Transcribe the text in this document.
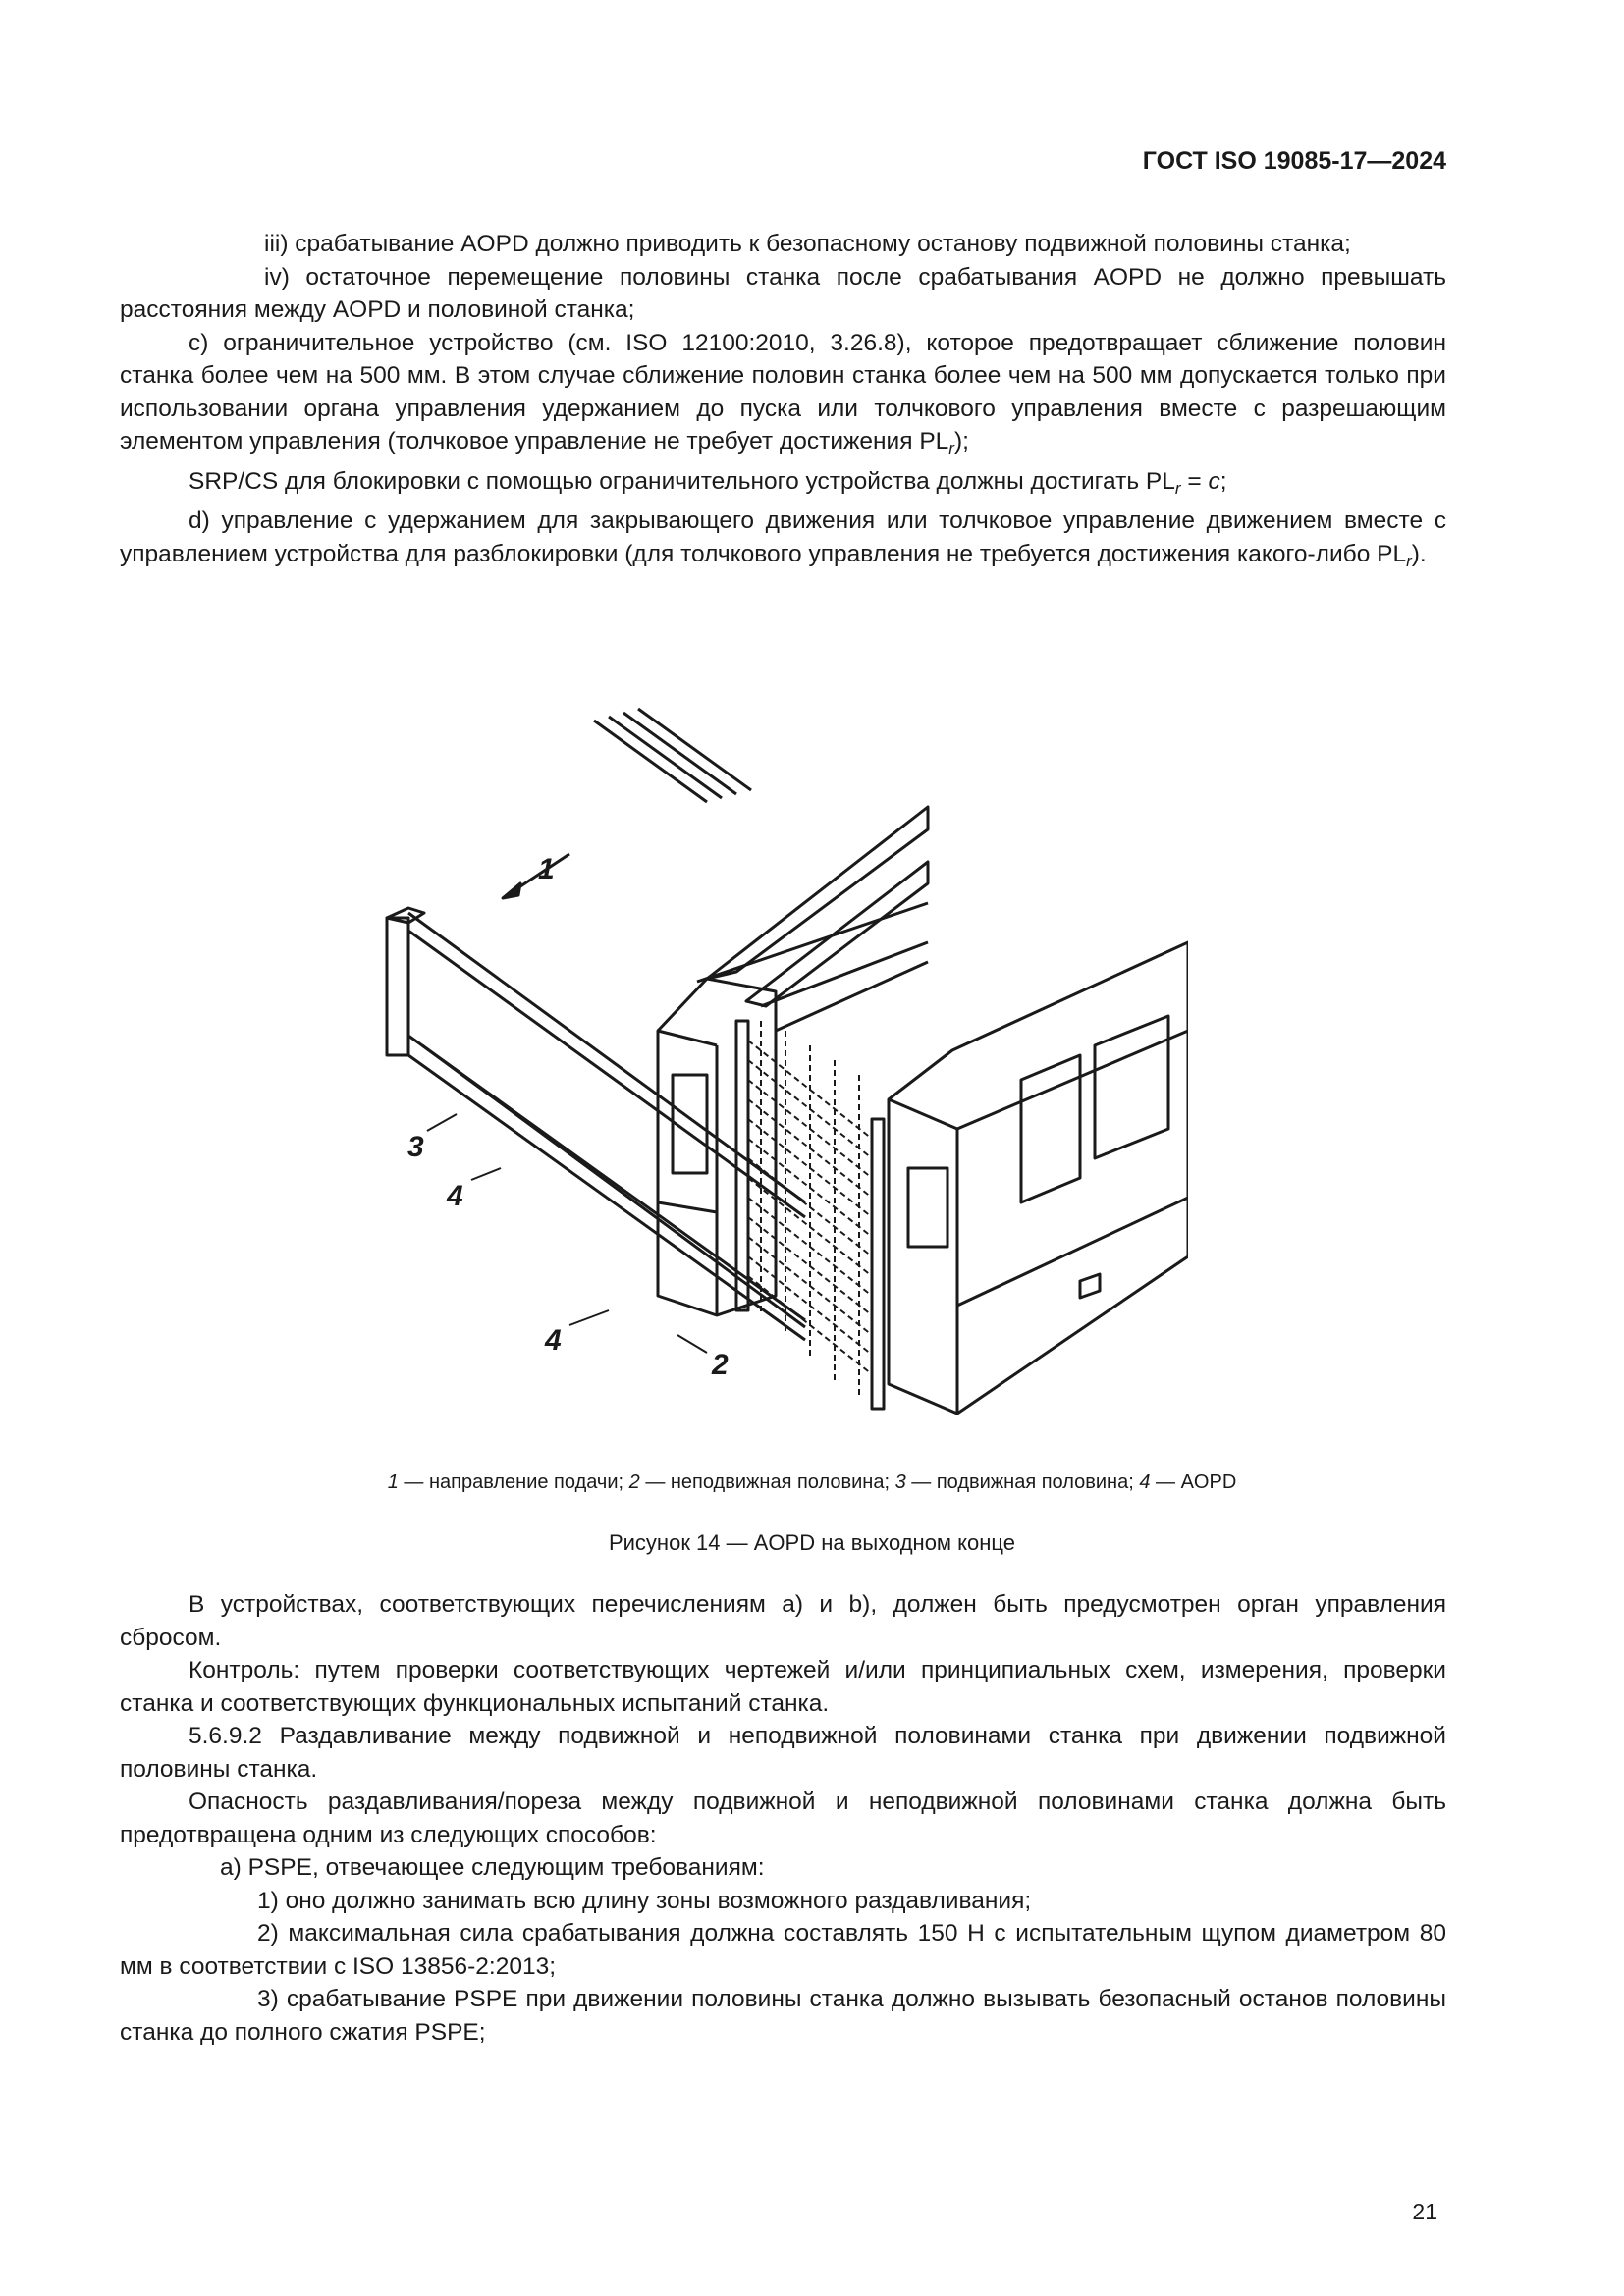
ГОСТ ISO 19085-17—2024

iii) срабатывание AOPD должно приводить к безопасному останову подвижной половины станка;

iv) остаточное перемещение половины станка после срабатывания AOPD не должно превышать расстояния между AOPD и половиной станка;

с) ограничительное устройство (см. ISO 12100:2010, 3.26.8), которое предотвращает сближение половин станка более чем на 500 мм. В этом случае сближение половин станка более чем на 500 мм допускается только при использовании органа управления удержанием до пуска или толчкового управления вместе с разрешающим элементом управления (толчковое управление не требует достижения $PL_r$);

SRP/CS для блокировки с помощью ограничительного устройства должны достигать $PL_r = c$;

d) управление с удержанием для закрывающего движения или толчковое управление движением вместе с управлением устройства для разблокировки (для толчкового управления не требуется достижения какого-либо $PL_r$).

1
3
4
4
2
1 — направление подачи; 2 — неподвижная половина; 3 — подвижная половина; 4 — AOPD
Рисунок 14 — AOPD на выходном конце

В устройствах, соответствующих перечислениям а) и b), должен быть предусмотрен орган управления сбросом.

Контроль: путем проверки соответствующих чертежей и/или принципиальных схем, измерения, проверки станка и соответствующих функциональных испытаний станка.

5.6.9.2 Раздавливание между подвижной и неподвижной половинами станка при движении подвижной половины станка.

Опасность раздавливания/пореза между подвижной и неподвижной половинами станка должна быть предотвращена одним из следующих способов:

а) PSPE, отвечающее следующим требованиям:

1) оно должно занимать всю длину зоны возможного раздавливания;

2) максимальная сила срабатывания должна составлять 150 Н с испытательным щупом диаметром 80 мм в соответствии с ISO 13856-2:2013;

3) срабатывание PSPE при движении половины станка должно вызывать безопасный останов половины станка до полного сжатия PSPE;

21
